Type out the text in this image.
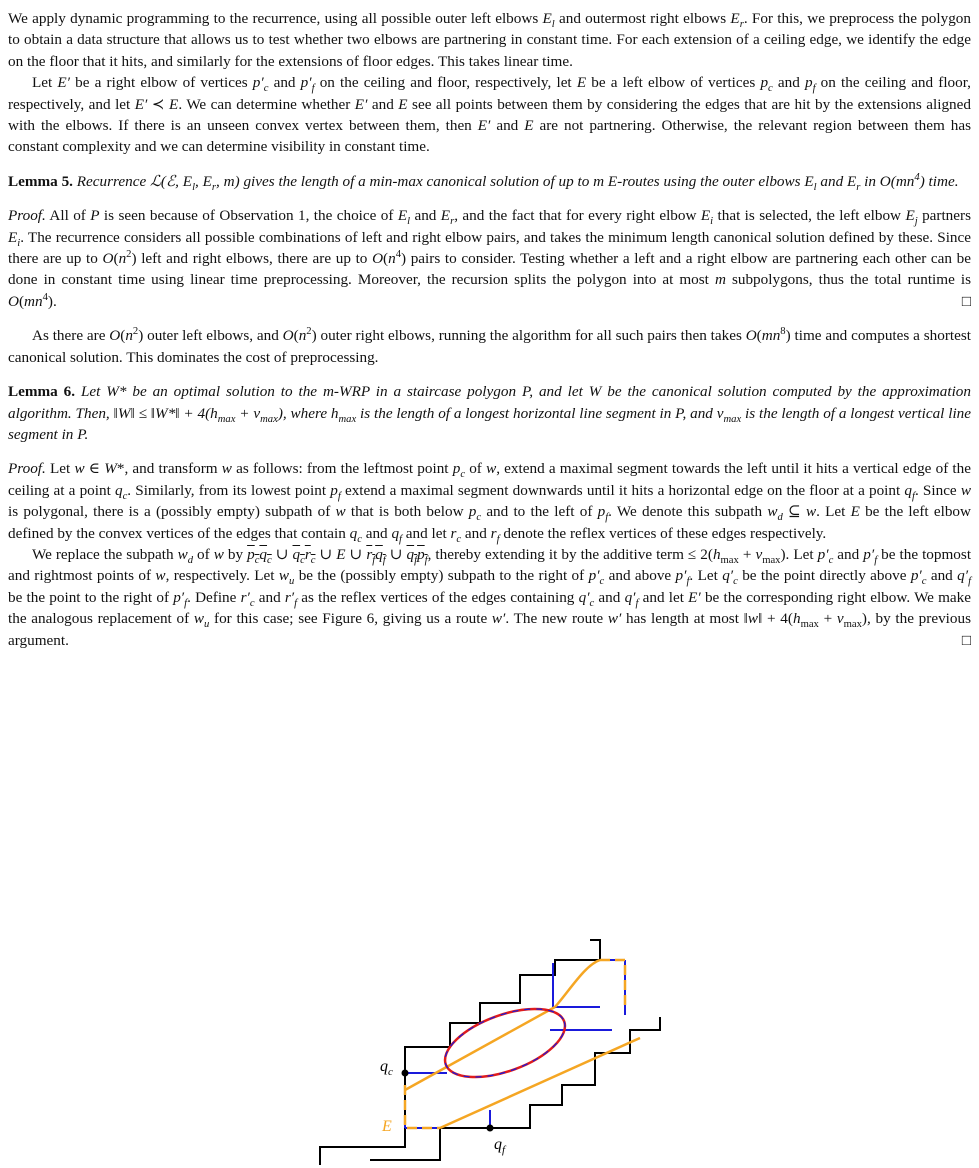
We apply dynamic programming to the recurrence, using all possible outer left elbows $E_l$ and outermost right elbows $E_r$. For this, we preprocess the polygon to obtain a data structure that allows us to test whether two elbows are partnering in constant time. For each extension of a ceiling edge, we identify the edge on the floor that it hits, and similarly for the extensions of floor edges. This takes linear time.

Let E′ be a right elbow of vertices $p'_c$ and $p'_f$ on the ceiling and floor, respectively, let E be a left elbow of vertices $p_c$ and $p_f$ on the ceiling and floor, respectively, and let E′ ≺ E. We can determine whether E′ and E see all points between them by considering the edges that are hit by the extensions aligned with the elbows. If there is an unseen convex vertex between them, then E′ and E are not partnering. Otherwise, the relevant region between them has constant complexity and we can determine visibility in constant time.

Lemma 5. Recurrence ℒ(ℰ, $E_l$, $E_r$, m) gives the length of a min-max canonical solution of up to m E-routes using the outer elbows $E_l$ and $E_r$ in $O(mn^4)$ time.

Proof. All of P is seen because of Observation 1, the choice of $E_l$ and $E_r$, and the fact that for every right elbow $E_i$ that is selected, the left elbow $E_j$ partners $E_i$. The recurrence considers all possible combinations of left and right elbow pairs, and takes the minimum length canonical solution defined by these. Since there are up to $O(n^2)$ left and right elbows, there are up to $O(n^4)$ pairs to consider. Testing whether a left and a right elbow are partnering each other can be done in constant time using linear time preprocessing. Moreover, the recursion splits the polygon into at most m subpolygons, thus the total runtime is $O(mn^4)$.	□

As there are $O(n^2)$ outer left elbows, and $O(n^2)$ outer right elbows, running the algorithm for all such pairs then takes $O(mn^8)$ time and computes a shortest canonical solution. This dominates the cost of preprocessing.

Lemma 6. Let W* be an optimal solution to the m-WRP in a staircase polygon P, and let W be the canonical solution computed by the approximation algorithm. Then, ‖W‖ ≤ ‖W*‖ + $4(h_{max} + v_{max})$, where $h_{max}$ is the length of a longest horizontal line segment in P, and $v_{max}$ is the length of a longest vertical line segment in P.

Proof. Let w ∈ W*, and transform w as follows: from the leftmost point $p_c$ of w, extend a maximal segment towards the left until it hits a vertical edge of the ceiling at a point $q_c$. Similarly, from its lowest point $p_f$ extend a maximal segment downwards until it hits a horizontal edge on the floor at a point $q_f$. Since w is polygonal, there is a (possibly empty) subpath of w that is both below $p_c$ and to the left of $p_f$. We denote this subpath $w_d$ ⊆ w. Let E be the left elbow defined by the convex vertices of the edges that contain $q_c$ and $q_f$ and let $r_c$ and $r_f$ denote the reflex vertices of these edges respectively.

We replace the subpath $w_d$ of w by $p_cq_c$ ∪ $q_cr_c$ ∪ E ∪ $r_fq_f$ ∪ $q_fp_f$, thereby extending it by the additive term ≤ $2(h_{max} + v_{max})$. Let $p'_c$ and $p'_f$ be the topmost and rightmost points of w, respectively. Let $w_u$ be the (possibly empty) subpath to the right of $p'_c$ and above $p'_f$. Let $q'_c$ be the point directly above $p'_c$ and $q'_f$ be the point to the right of $p'_f$. Define $r'_c$ and $r'_f$ as the reflex vertices of the edges containing $q'_c$ and $q'_f$ and let E′ be the corresponding right elbow. We make the analogous replacement of $w_u$ for this case; see Figure 6, giving us a route w′. The new route w′ has length at most ‖w‖ + $4(h_{max} + v_{max})$, by the previous argument.	□

$q_c$
$q_f$
E
